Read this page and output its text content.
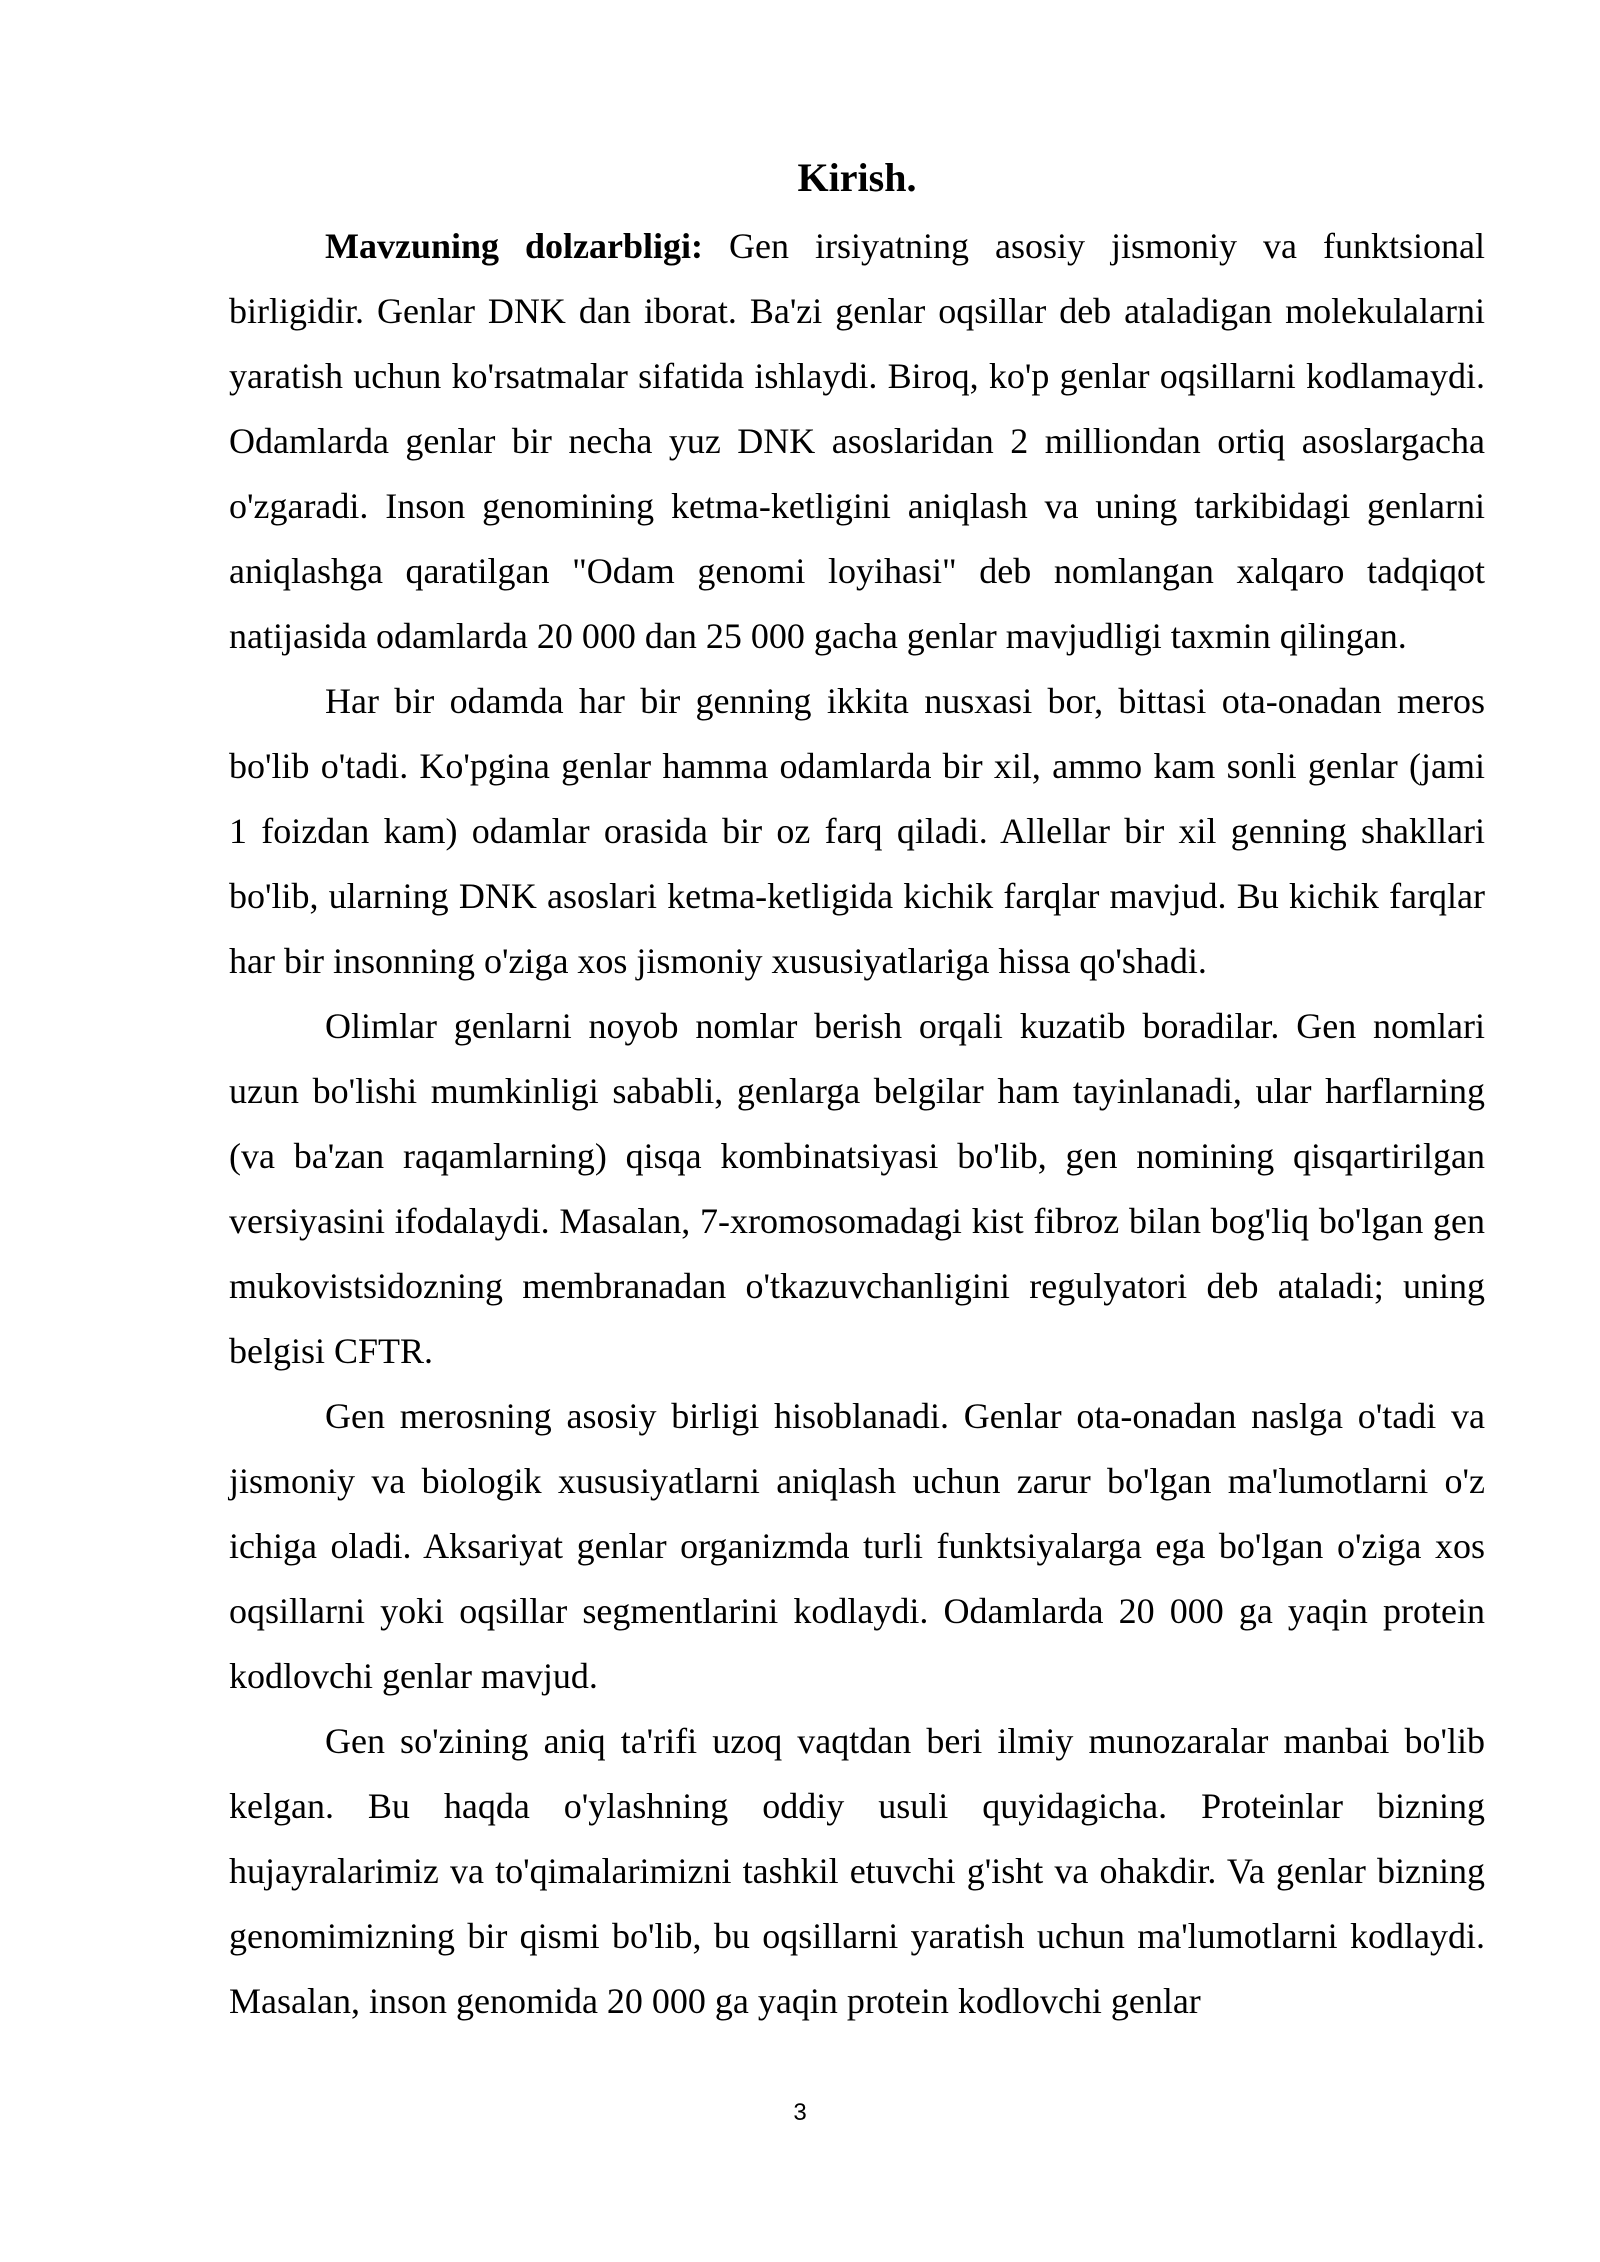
Kirish.

Mavzuning dolzarbligi: Gen irsiyatning asosiy jismoniy va funktsional birligidir. Genlar DNK dan iborat. Ba'zi genlar oqsillar deb ataladigan molekulalarni yaratish uchun ko'rsatmalar sifatida ishlaydi. Biroq, ko'p genlar oqsillarni kodlamaydi. Odamlarda genlar bir necha yuz DNK asoslaridan 2 milliondan ortiq asoslargacha o'zgaradi. Inson genomining ketma-ketligini aniqlash va uning tarkibidagi genlarni aniqlashga qaratilgan "Odam genomi loyihasi" deb nomlangan xalqaro tadqiqot natijasida odamlarda 20 000 dan 25 000 gacha genlar mavjudligi taxmin qilingan.

Har bir odamda har bir genning ikkita nusxasi bor, bittasi ota-onadan meros bo'lib o'tadi. Ko'pgina genlar hamma odamlarda bir xil, ammo kam sonli genlar (jami 1 foizdan kam) odamlar orasida bir oz farq qiladi. Allellar bir xil genning shakllari bo'lib, ularning DNK asoslari ketma-ketligida kichik farqlar mavjud. Bu kichik farqlar har bir insonning o'ziga xos jismoniy xususiyatlariga hissa qo'shadi.

Olimlar genlarni noyob nomlar berish orqali kuzatib boradilar. Gen nomlari uzun bo'lishi mumkinligi sababli, genlarga belgilar ham tayinlanadi, ular harflarning (va ba'zan raqamlarning) qisqa kombinatsiyasi bo'lib, gen nomining qisqartirilgan versiyasini ifodalaydi. Masalan, 7-xromosomadagi kist fibroz bilan bog'liq bo'lgan gen mukovistsidozning membranadan o'tkazuvchanligini regulyatori deb ataladi; uning belgisi CFTR.

Gen merosning asosiy birligi hisoblanadi. Genlar ota-onadan naslga o'tadi va jismoniy va biologik xususiyatlarni aniqlash uchun zarur bo'lgan ma'lumotlarni o'z ichiga oladi. Aksariyat genlar organizmda turli funktsiyalarga ega bo'lgan o'ziga xos oqsillarni yoki oqsillar segmentlarini kodlaydi. Odamlarda 20 000 ga yaqin protein kodlovchi genlar mavjud.

Gen so'zining aniq ta'rifi uzoq vaqtdan beri ilmiy munozaralar manbai bo'lib kelgan. Bu haqda o'ylashning oddiy usuli quyidagicha. Proteinlar bizning hujayralarimiz va to'qimalarimizni tashkil etuvchi g'isht va ohakdir. Va genlar bizning genomimizning bir qismi bo'lib, bu oqsillarni yaratish uchun ma'lumotlarni kodlaydi. Masalan, inson genomida 20 000 ga yaqin protein kodlovchi genlar

3
